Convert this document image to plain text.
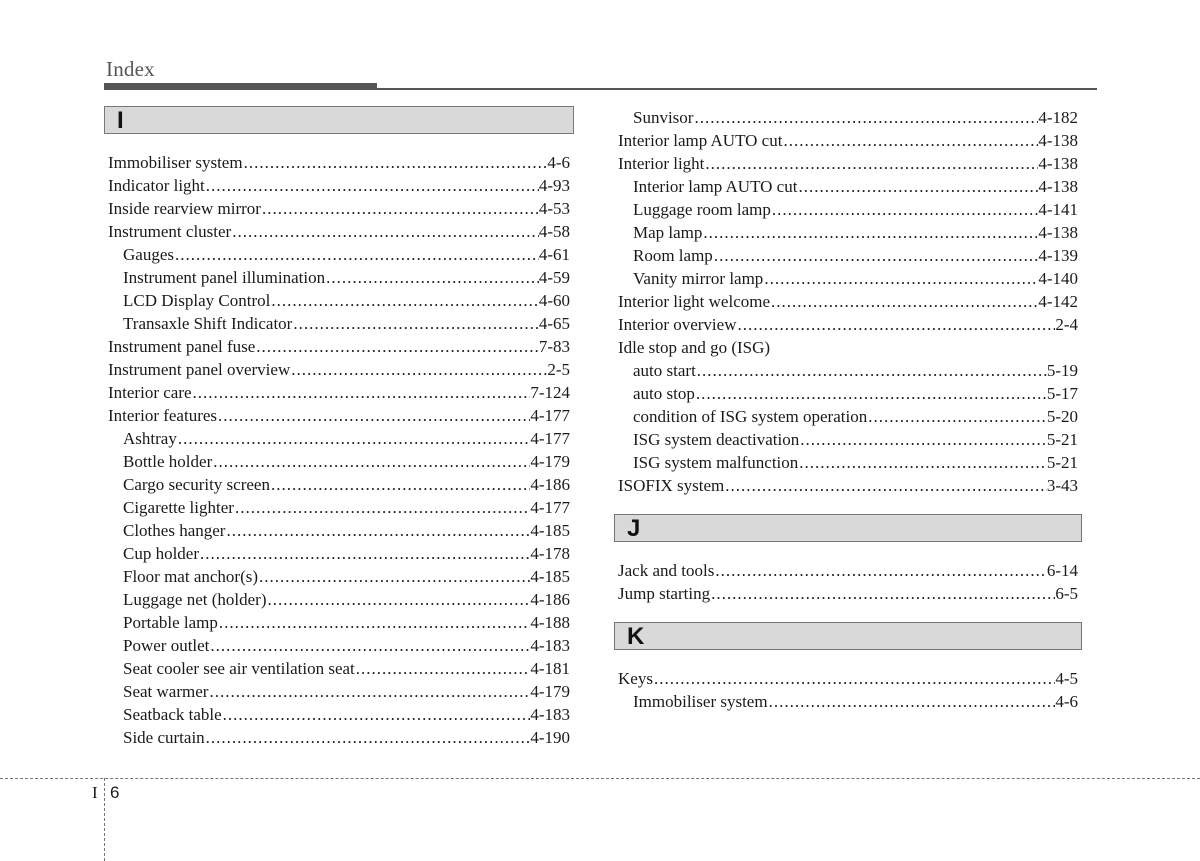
Index
I
Immobiliser system .....	4-6
Indicator light .....	4-93
Inside rearview mirror .....	4-53
Instrument cluster .....	4-58
Gauges .....	4-61
Instrument panel illumination .....	4-59
LCD Display Control .....	4-60
Transaxle Shift Indicator .....	4-65
Instrument panel fuse .....	7-83
Instrument panel overview .....	2-5
Interior care .....	7-124
Interior features .....	4-177
Ashtray .....	4-177
Bottle holder .....	4-179
Cargo security screen .....	4-186
Cigarette lighter .....	4-177
Clothes hanger .....	4-185
Cup holder .....	4-178
Floor mat anchor(s) .....	4-185
Luggage net (holder) .....	4-186
Portable lamp .....	4-188
Power outlet .....	4-183
Seat cooler see air ventilation seat .....	4-181
Seat warmer .....	4-179
Seatback table .....	4-183
Side curtain .....	4-190
Sunvisor .....	4-182
Interior lamp AUTO cut .....	4-138
Interior light .....	4-138
Interior lamp AUTO cut .....	4-138
Luggage room lamp .....	4-141
Map lamp .....	4-138
Room lamp .....	4-139
Vanity mirror lamp .....	4-140
Interior light welcome .....	4-142
Interior overview .....	2-4
Idle stop and go (ISG)
auto start .....	5-19
auto stop .....	5-17
condition of ISG system operation .....	5-20
ISG system deactivation .....	5-21
ISG system malfunction .....	5-21
ISOFIX system .....	3-43
J
Jack and tools .....	6-14
Jump starting .....	6-5
K
Keys .....	4-5
Immobiliser system .....	4-6
I 6
